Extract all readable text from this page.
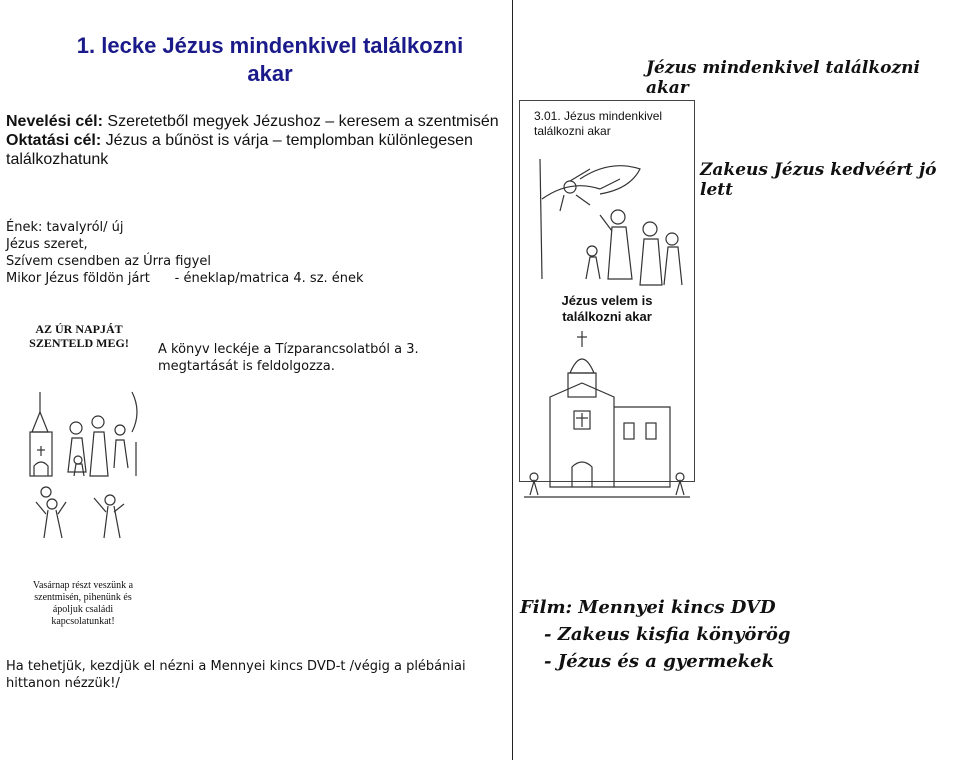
1. lecke Jézus mindenkivel találkozni
akar
Nevelési cél: Szeretetből megyek Jézushoz – keresem a szentmisén
Oktatási cél: Jézus a bűnöst is várja – templomban különlegesen találkozhatunk
Ének: tavalyról/ új
Jézus szeret,
Szívem csendben az Úrra figyel
Mikor Jézus földön járt      - éneklap/matrica 4. sz. ének
AZ ÚR NAPJÁT SZENTELD MEG!
Vasárnap részt veszünk a szentmisén, pihenünk és ápoljuk családi kapcsolatunkat!
A könyv leckéje a Tízparancsolatból a 3. megtartását is feldolgozza.
Ha tehetjük, kezdjük el nézni a Mennyei kincs DVD-t /végig a plébániai hittanon nézzük!/
Jézus mindenkivel találkozni akar
3.01. Jézus mindenkivel találkozni akar
Jézus velem is találkozni akar
Zakeus Jézus kedvéért jó lett
Film: Mennyei kincs DVD
- Zakeus kisfia könyörög
- Jézus és a gyermekek
